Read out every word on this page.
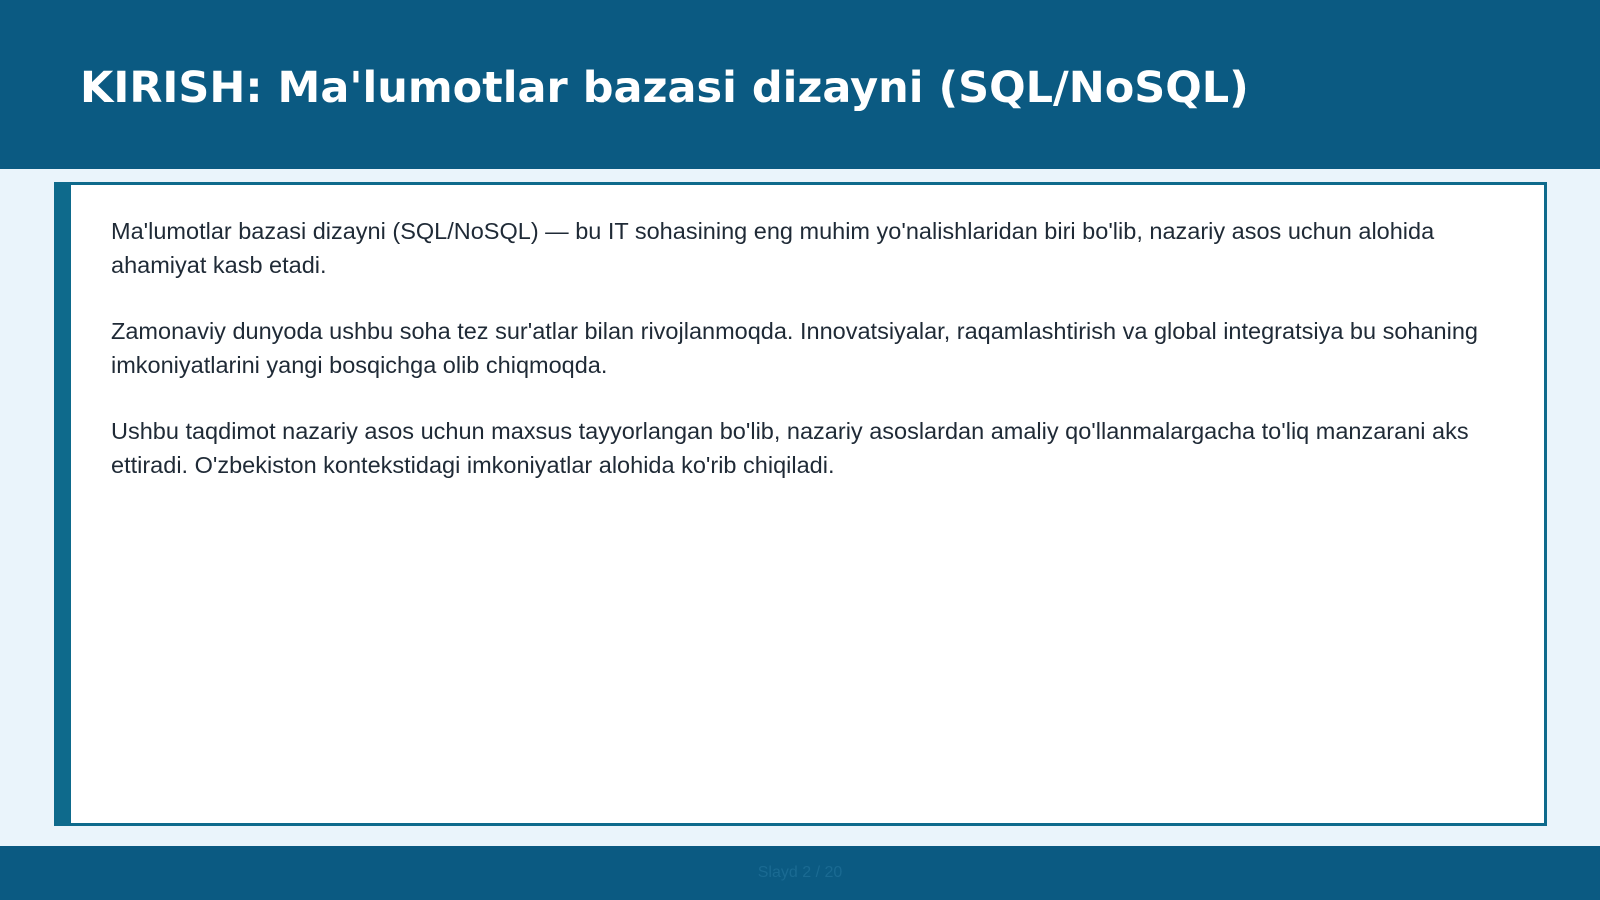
KIRISH: Ma'lumotlar bazasi dizayni (SQL/NoSQL)

Ma'lumotlar bazasi dizayni (SQL/NoSQL) — bu IT sohasining eng muhim yo'nalishlaridan biri bo'lib, nazariy asos uchun alohida ahamiyat kasb etadi.

Zamonaviy dunyoda ushbu soha tez sur'atlar bilan rivojlanmoqda. Innovatsiyalar, raqamlashtirish va global integratsiya bu sohaning imkoniyatlarini yangi bosqichga olib chiqmoqda.

Ushbu taqdimot nazariy asos uchun maxsus tayyorlangan bo'lib, nazariy asoslardan amaliy qo'llanmalargacha to'liq manzarani aks ettiradi. O'zbekiston kontekstidagi imkoniyatlar alohida ko'rib chiqiladi.

Slayd 2 / 20
